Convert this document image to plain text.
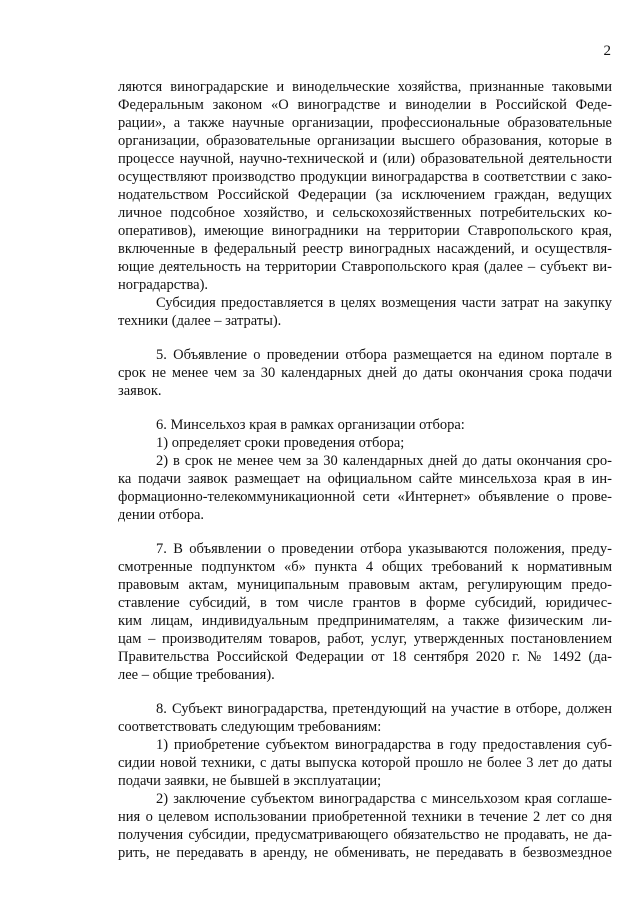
2
ляются виноградарские и винодельческие хозяйства, признанные таковыми
Федеральным законом «О виноградстве и виноделии в Российской Феде-
рации», а также научные организации, профессиональные образовательные
организации, образовательные организации высшего образования, которые в
процессе научной, научно-технической и (или) образовательной деятельности
осуществляют производство продукции виноградарства в соответствии с зако-
нодательством Российской Федерации (за исключением граждан, ведущих
личное подсобное хозяйство, и сельскохозяйственных потребительских ко-
оперативов), имеющие виноградники на территории Ставропольского края,
включенные в федеральный реестр виноградных насаждений, и осуществля-
ющие деятельность на территории Ставропольского края (далее – субъект ви-
ноградарства).
Субсидия предоставляется в целях возмещения части затрат на закупку
техники (далее – затраты).
5. Объявление о проведении отбора размещается на едином портале в
срок не менее чем за 30 календарных дней до даты окончания срока подачи
заявок.
6. Минсельхоз края в рамках организации отбора:
1) определяет сроки проведения отбора;
2) в срок не менее чем за 30 календарных дней до даты окончания сро-
ка подачи заявок размещает на официальном сайте минсельхоза края в ин-
формационно-телекоммуникационной сети «Интернет» объявление о прове-
дении отбора.
7. В объявлении о проведении отбора указываются положения, преду-
смотренные подпунктом «б» пункта 4 общих требований к нормативным
правовым актам, муниципальным правовым актам, регулирующим предо-
ставление субсидий, в том числе грантов в форме субсидий, юридичес-
ким лицам, индивидуальным предпринимателям, а также физическим ли-
цам – производителям товаров, работ, услуг, утвержденных постановлением
Правительства Российской Федерации от 18 сентября 2020 г. № 1492 (да-
лее – общие требования).
8. Субъект виноградарства, претендующий на участие в отборе, должен
соответствовать следующим требованиям:
1) приобретение субъектом виноградарства в году предоставления суб-
сидии новой техники, с даты выпуска которой прошло не более 3 лет до даты
подачи заявки, не бывшей в эксплуатации;
2) заключение субъектом виноградарства с минсельхозом края соглаше-
ния о целевом использовании приобретенной техники в течение 2 лет со дня
получения субсидии, предусматривающего обязательство не продавать, не да-
рить, не передавать в аренду, не обменивать, не передавать в безвозмездное
